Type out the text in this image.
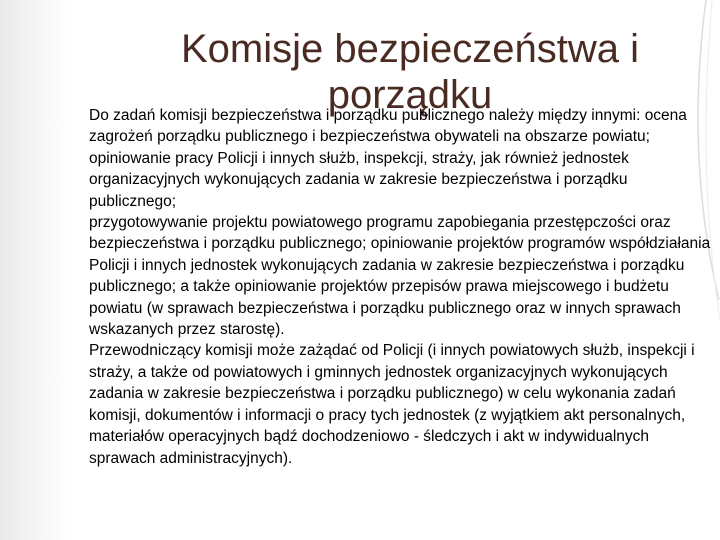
Komisje bezpieczeństwa i
porządku

Do zadań komisji bezpieczeństwa i porządku publicznego należy między innymi: ocena zagrożeń porządku publicznego i bezpieczeństwa obywateli na obszarze powiatu;

opiniowanie pracy Policji i innych służb, inspekcji, straży, jak również jednostek organizacyjnych wykonujących zadania w zakresie bezpieczeństwa i porządku publicznego;

przygotowywanie projektu powiatowego programu zapobiegania przestępczości oraz bezpieczeństwa i porządku publicznego; opiniowanie projektów programów współdziałania Policji i innych jednostek wykonujących zadania w zakresie bezpieczeństwa i porządku publicznego; a także opiniowanie projektów przepisów prawa miejscowego i budżetu powiatu (w sprawach bezpieczeństwa i porządku publicznego oraz w innych sprawach wskazanych przez starostę).

Przewodniczący komisji może zażądać od Policji (i innych powiatowych służb, inspekcji i straży, a także od powiatowych i gminnych jednostek organizacyjnych wykonujących zadania w zakresie bezpieczeństwa i porządku publicznego) w celu wykonania zadań komisji, dokumentów i informacji o pracy tych jednostek (z wyjątkiem akt personalnych, materiałów operacyjnych bądź dochodzeniowo - śledczych i akt w indywidualnych sprawach administracyjnych).
